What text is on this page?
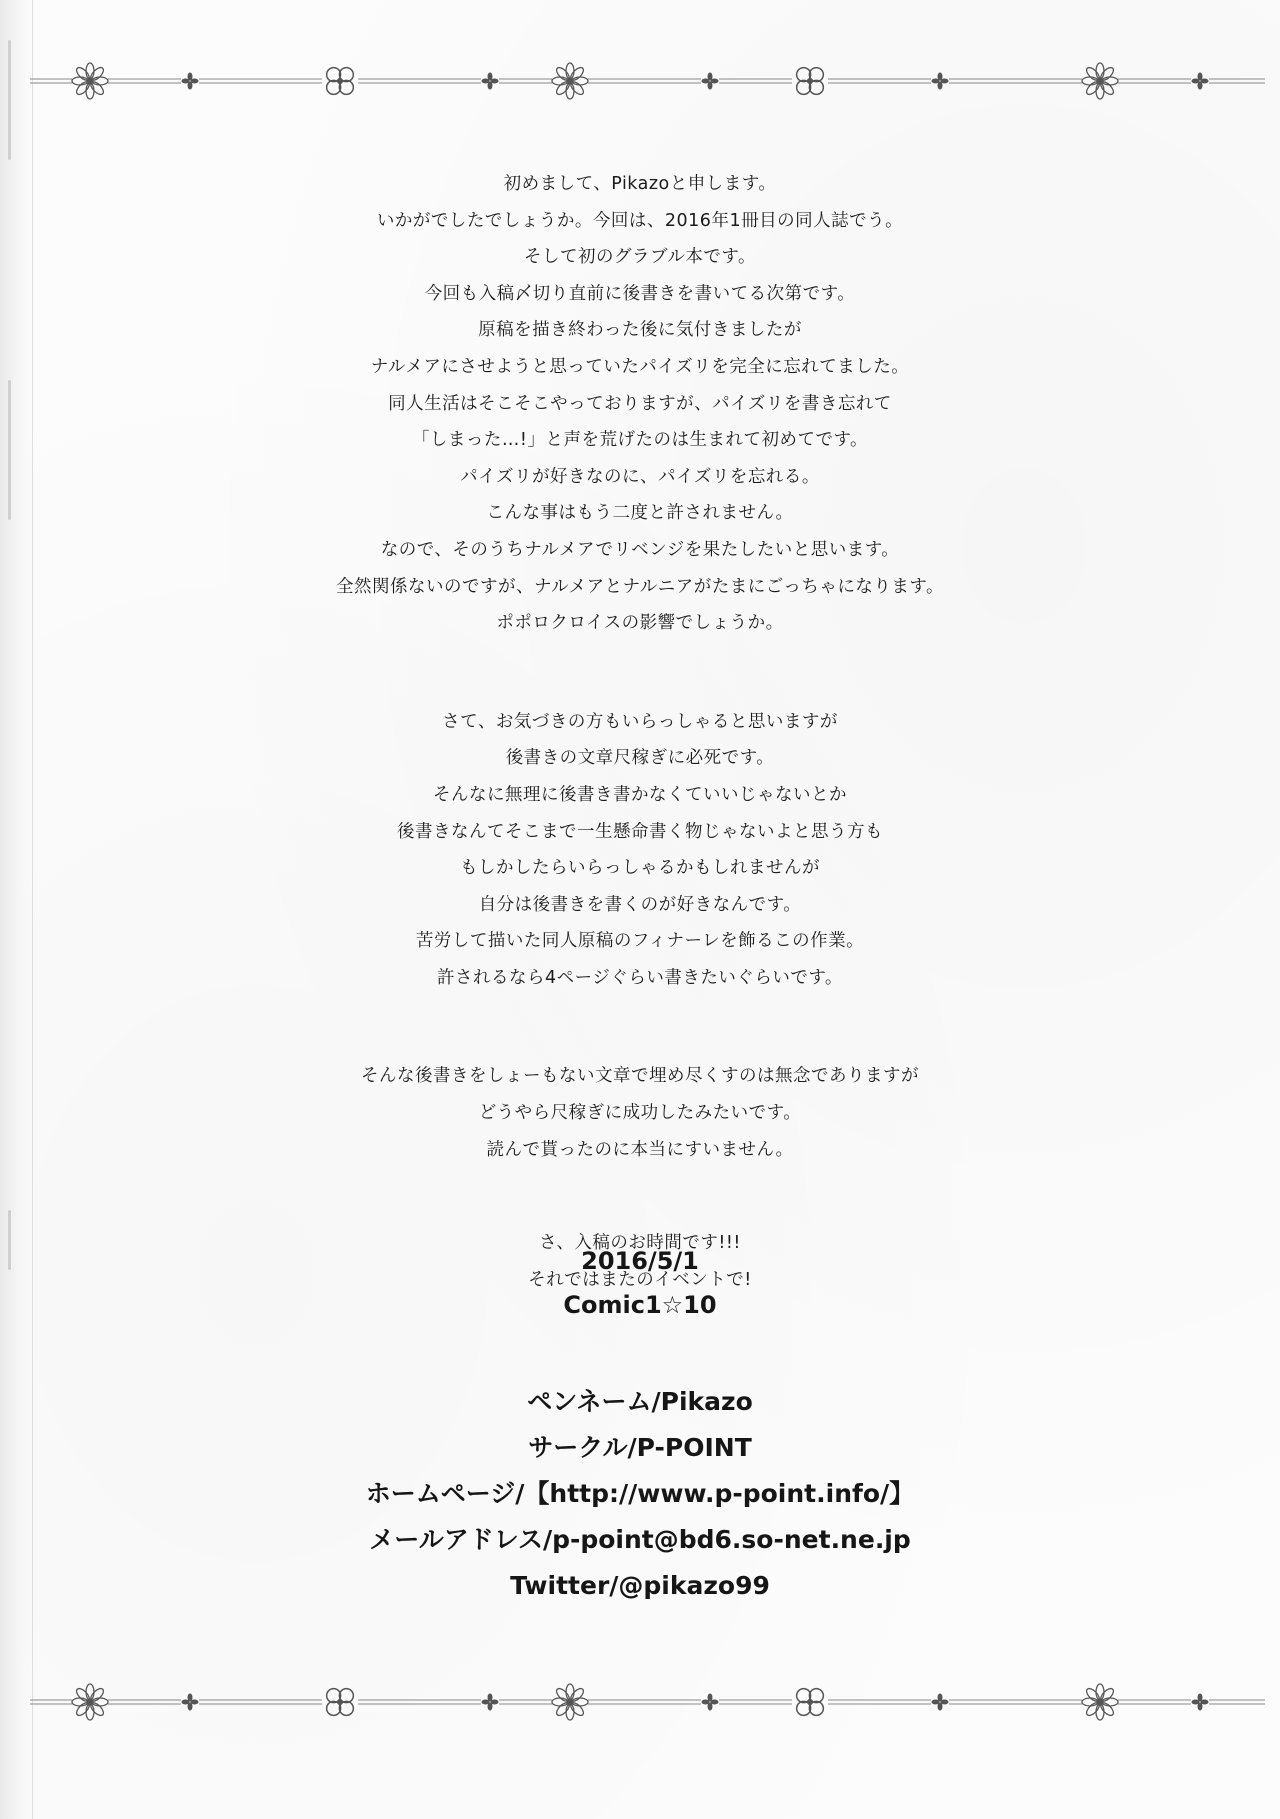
初めまして、Pikazoと申します。
いかがでしたでしょうか。今回は、2016年1冊目の同人誌でう。
そして初のグラブル本です。
今回も入稿〆切り直前に後書きを書いてる次第です。
原稿を描き終わった後に気付きましたが
ナルメアにさせようと思っていたパイズリを完全に忘れてました。
同人生活はそこそこやっておりますが、パイズリを書き忘れて
「しまった…!」と声を荒げたのは生まれて初めてです。
パイズリが好きなのに、パイズリを忘れる。
こんな事はもう二度と許されません。
なので、そのうちナルメアでリベンジを果たしたいと思います。
全然関係ないのですが、ナルメアとナルニアがたまにごっちゃになります。
ポポロクロイスの影響でしょうか。
さて、お気づきの方もいらっしゃると思いますが
後書きの文章尺稼ぎに必死です。
そんなに無理に後書き書かなくていいじゃないとか
後書きなんてそこまで一生懸命書く物じゃないよと思う方も
もしかしたらいらっしゃるかもしれませんが
自分は後書きを書くのが好きなんです。
苦労して描いた同人原稿のフィナーレを飾るこの作業。
許されるなら4ページぐらい書きたいぐらいです。
そんな後書きをしょーもない文章で埋め尽くすのは無念でありますが
どうやら尺稼ぎに成功したみたいです。
読んで貰ったのに本当にすいません。
さ、入稿のお時間です!!!
それではまたのイベントで!
2016/5/1
Comic1☆10
ペンネーム/Pikazo
サークル/P-POINT
ホームページ/【http://www.p-point.info/】
メールアドレス/p-point@bd6.so-net.ne.jp
Twitter/@pikazo99
